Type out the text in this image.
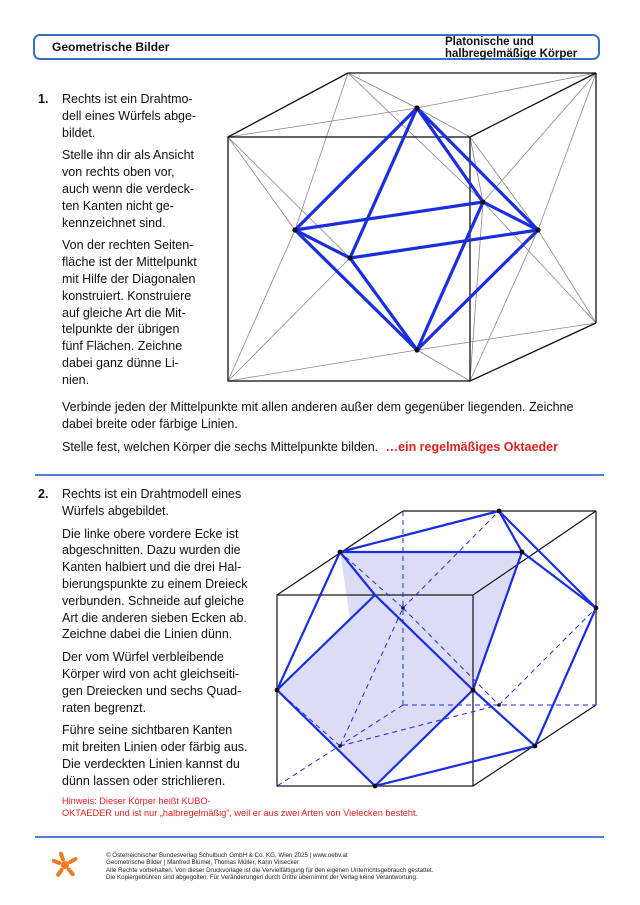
Geometrische Bilder	Platonische und
halbregelmäßige Körper
1. Rechts ist ein Drahtmo-
dell eines Würfels abge-
bildet.

Stelle ihn dir als Ansicht
von rechts oben vor,
auch wenn die verdeck-
ten Kanten nicht ge-
kennzeichnet sind.

Von der rechten Seiten-
fläche ist der Mittelpunkt
mit Hilfe der Diagonalen
konstruiert. Konstruiere
auf gleiche Art die Mit-
telpunkte der übrigen
fünf Flächen. Zeichne
dabei ganz dünne Li-
nien.

Verbinde jeden der Mittelpunkte mit allen anderen außer dem gegenüber liegenden. Zeichne
dabei breite oder färbige Linien.

Stelle fest, welchen Körper die sechs Mittelpunkte bilden. …ein regelmäßiges Oktaeder

2. Rechts ist ein Drahtmodell eines
Würfels abgebildet.

Die linke obere vordere Ecke ist
abgeschnitten. Dazu wurden die
Kanten halbiert und die drei Hal-
bierungspunkte zu einem Dreieck
verbunden. Schneide auf gleiche
Art die anderen sieben Ecken ab.
Zeichne dabei die Linien dünn.

Der vom Würfel verbleibende
Körper wird von acht gleichseiti-
gen Dreiecken und sechs Quad-
raten begrenzt.

Führe seine sichtbaren Kanten
mit breiten Linien oder färbig aus.
Die verdeckten Linien kannst du
dünn lassen oder strichlieren.

Hinweis: Dieser Körper heißt KUBO-
OKTAEDER und ist nur „halbregelmäßig“, weil er aus zwei Arten von Vielecken besteht.
© Österreichischer Bundesverlag Schulbuch GmbH & Co. KG, Wien 2025 | www.oebv.at
Geometrische Bilder | Manfred Blümel, Thomas Müller, Karin Vilsecker
Alle Rechte vorbehalten. Von dieser Druckvorlage ist die Vervielfältigung für den eigenen Unterrichtsgebrauch gestattet.
Die Kopiergebühren sind abgegolten. Für Veränderungen durch Dritte übernimmt der Verlag keine Verantwortung.
